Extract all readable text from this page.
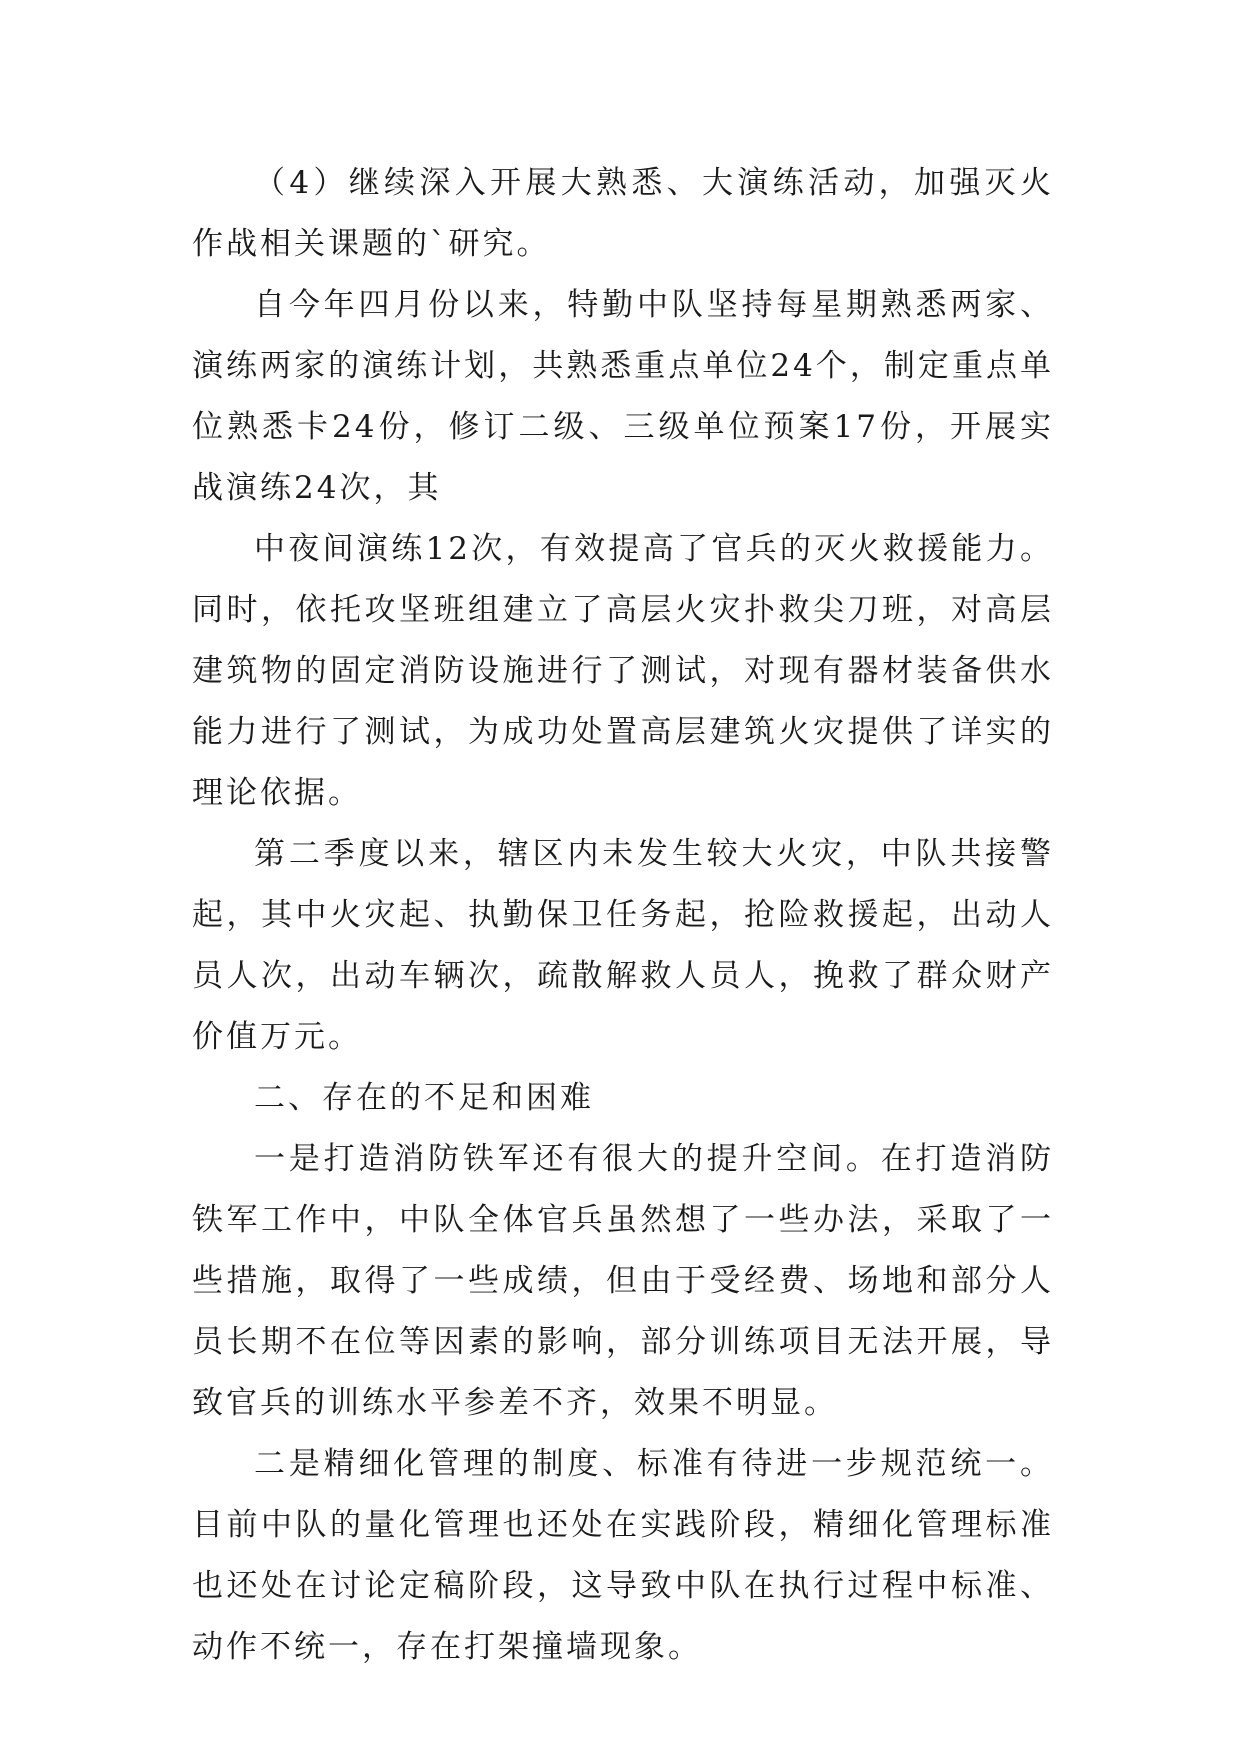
（4）继续深入开展大熟悉、大演练活动，加强灭火作战相关课题的`研究。

自今年四月份以来，特勤中队坚持每星期熟悉两家、演练两家的演练计划，共熟悉重点单位24个，制定重点单位熟悉卡24份，修订二级、三级单位预案17份，开展实战演练24次，其

中夜间演练12次，有效提高了官兵的灭火救援能力。同时，依托攻坚班组建立了高层火灾扑救尖刀班，对高层建筑物的固定消防设施进行了测试，对现有器材装备供水能力进行了测试，为成功处置高层建筑火灾提供了详实的理论依据。

第二季度以来，辖区内未发生较大火灾，中队共接警起，其中火灾起、执勤保卫任务起，抢险救援起，出动人员人次，出动车辆次，疏散解救人员人，挽救了群众财产价值万元。

二、存在的不足和困难

一是打造消防铁军还有很大的提升空间。在打造消防铁军工作中，中队全体官兵虽然想了一些办法，采取了一些措施，取得了一些成绩，但由于受经费、场地和部分人员长期不在位等因素的影响，部分训练项目无法开展，导致官兵的训练水平参差不齐，效果不明显。

二是精细化管理的制度、标准有待进一步规范统一。目前中队的量化管理也还处在实践阶段，精细化管理标准也还处在讨论定稿阶段，这导致中队在执行过程中标准、动作不统一，存在打架撞墙现象。
